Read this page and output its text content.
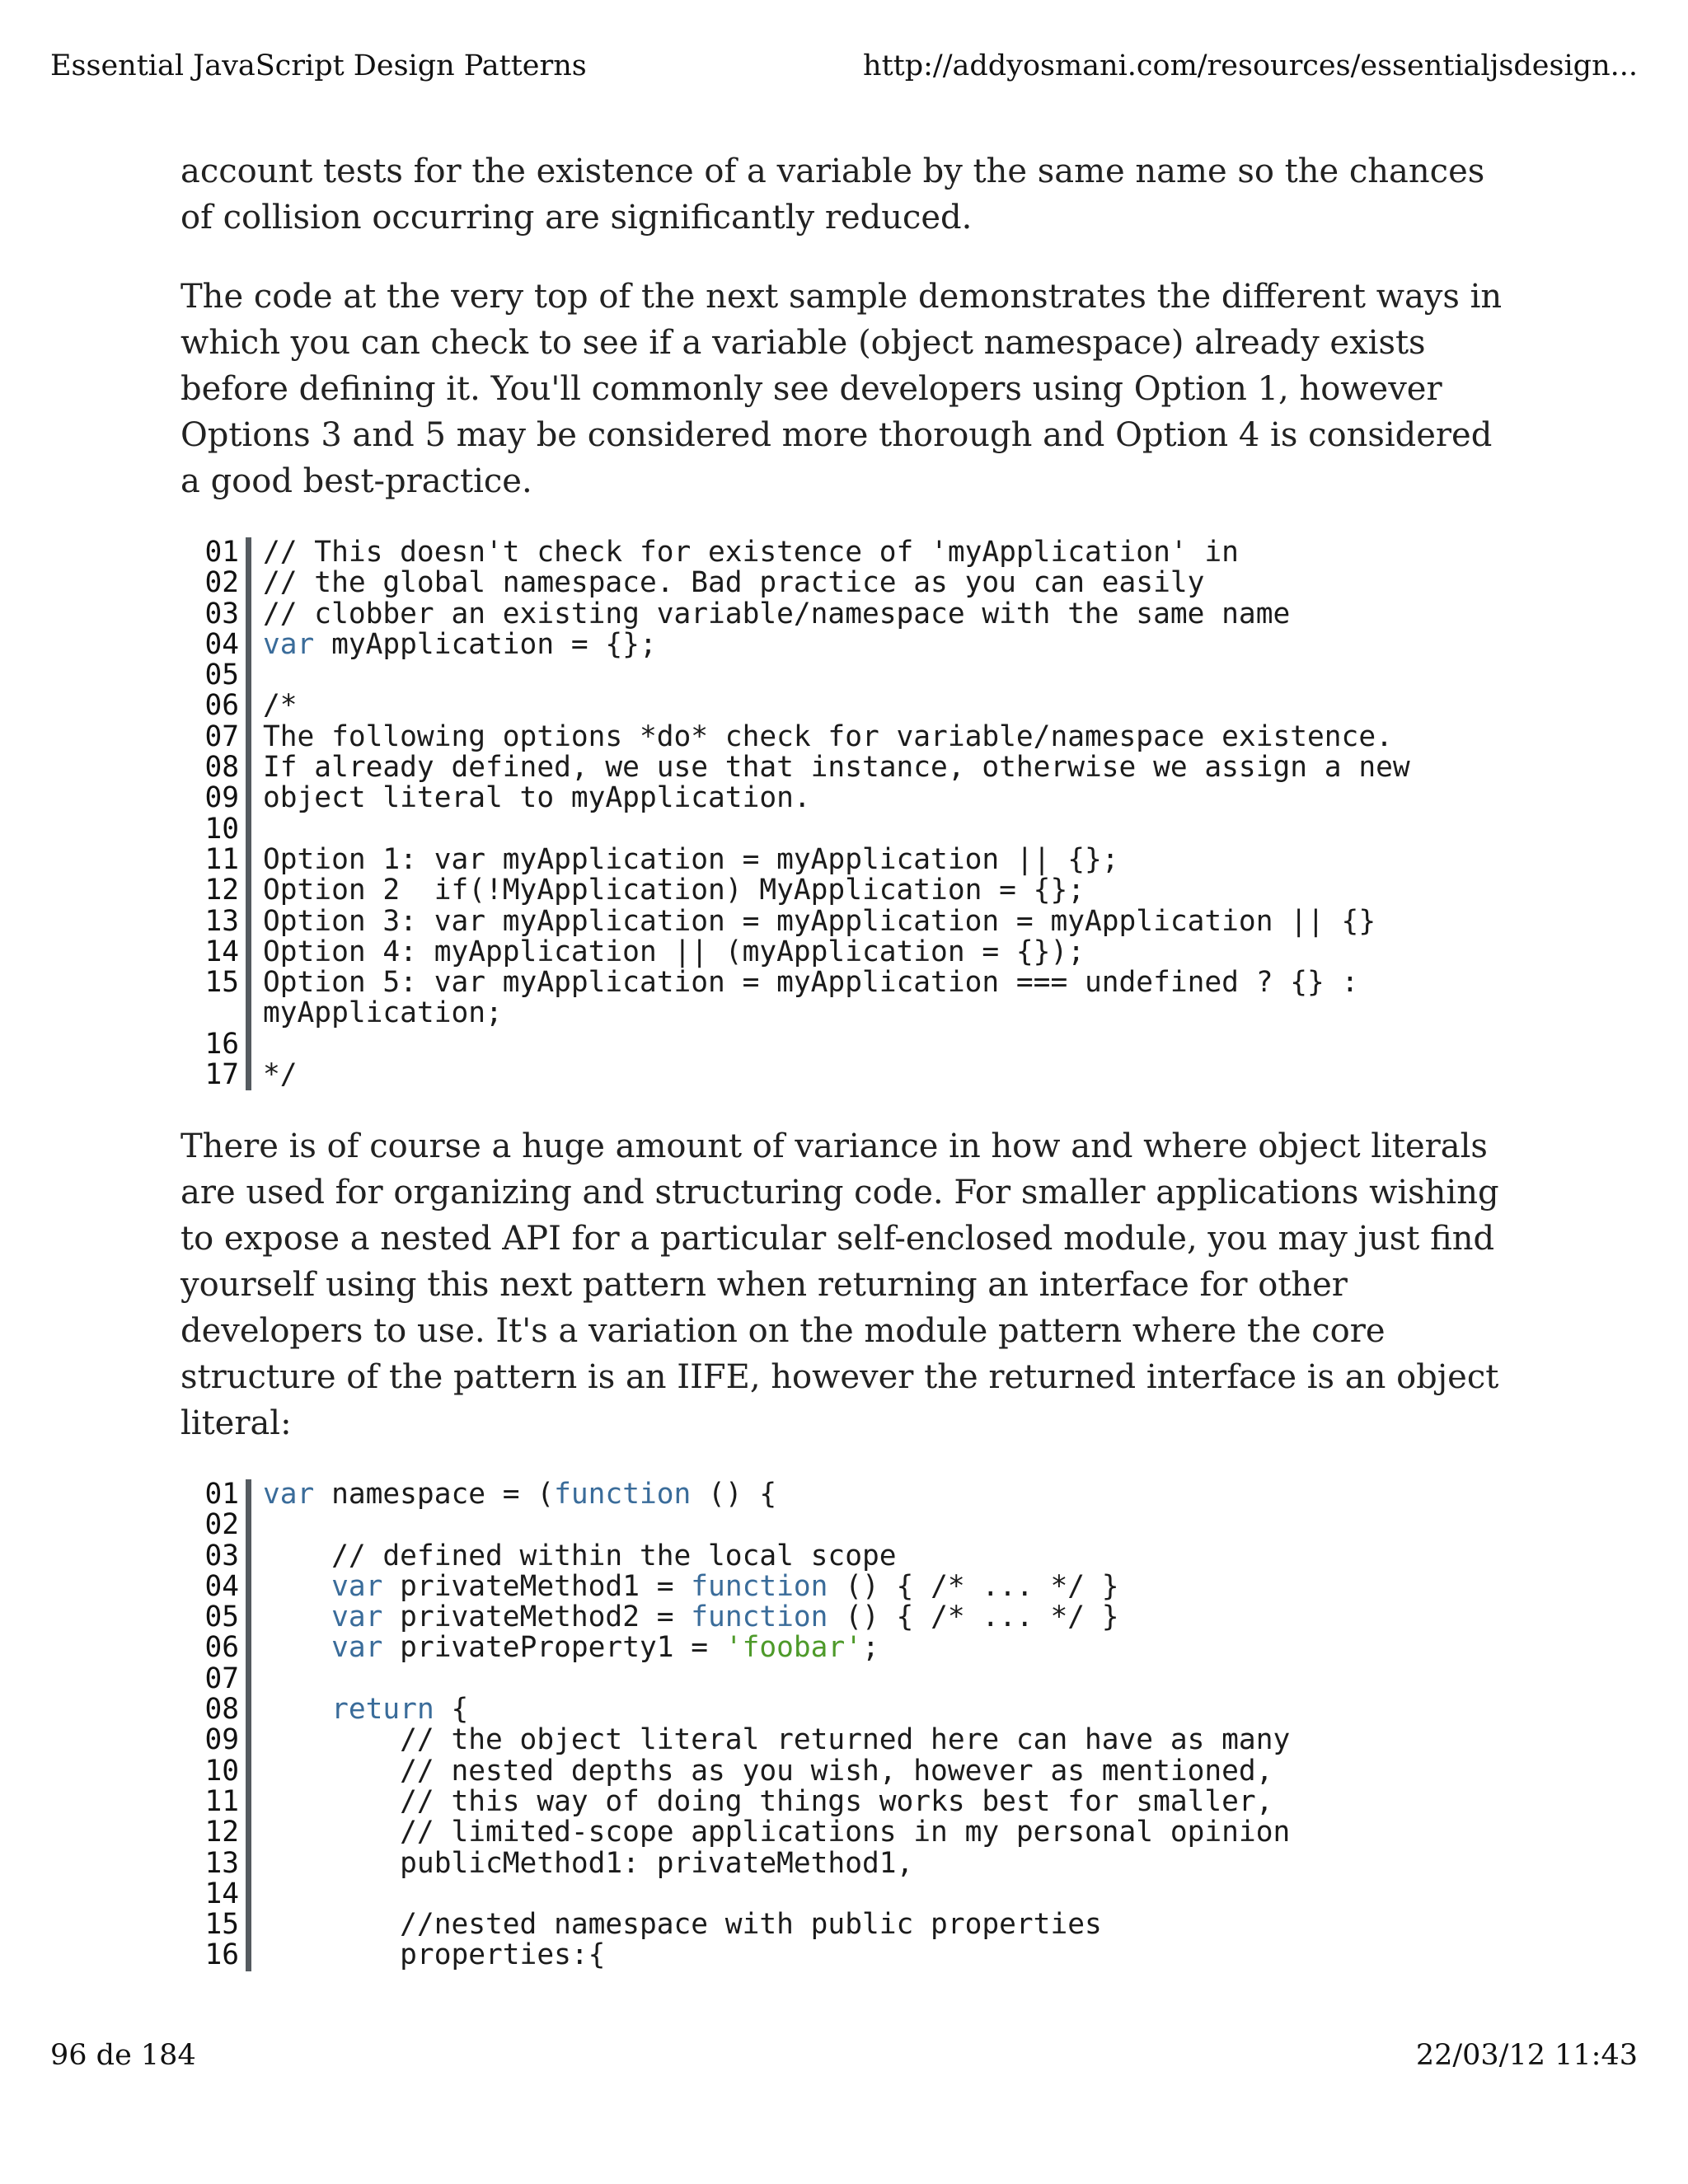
Essential JavaScript Design Patterns	http://addyosmani.com/resources/essentialjsdesign...

account tests for the existence of a variable by the same name so the chances of collision occurring are significantly reduced.

The code at the very top of the next sample demonstrates the different ways in which you can check to see if a variable (object namespace) already exists before defining it. You'll commonly see developers using Option 1, however Options 3 and 5 may be considered more thorough and Option 4 is considered a good best-practice.

01 // This doesn't check for existence of 'myApplication' in
02 // the global namespace. Bad practice as you can easily
03 // clobber an existing variable/namespace with the same name
04 var myApplication = {};
05

06 /*
07 The following options *do* check for variable/namespace existence.
08 If already defined, we use that instance, otherwise we assign a new
09 object literal to myApplication.
10

11 Option 1: var myApplication = myApplication || {};
12 Option 2  if(!MyApplication) MyApplication = {};
13 Option 3: var myApplication = myApplication = myApplication || {}
14 Option 4: myApplication || (myApplication = {});
15 Option 5: var myApplication = myApplication === undefined ? {} :
myApplication;
16

17 */

There is of course a huge amount of variance in how and where object literals are used for organizing and structuring code. For smaller applications wishing to expose a nested API for a particular self-enclosed module, you may just find yourself using this next pattern when returning an interface for other developers to use. It's a variation on the module pattern where the core structure of the pattern is an IIFE, however the returned interface is an object literal:

01 var namespace = (function () {
02

03 // defined within the local scope
04	var privateMethod1 = function () { /* ... */ }
05	var privateMethod2 = function () { /* ... */ }
06	var privateProperty1 = 'foobar';
07

08	return {
09 // the object literal returned here can have as many
10 // nested depths as you wish, however as mentioned,
11 // this way of doing things works best for smaller,
12 // limited-scope applications in my personal opinion
13 publicMethod1: privateMethod1,
14

15 //nested namespace with public properties
16 properties:{
96 de 184	22/03/12 11:43
